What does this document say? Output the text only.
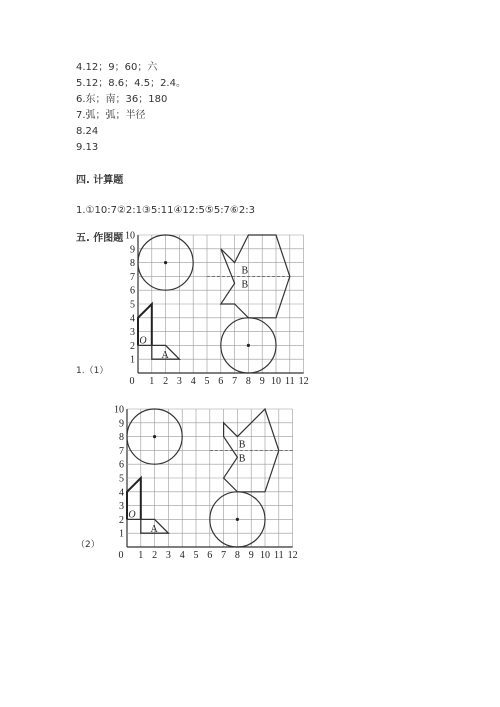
4.12；9；60；六
5.12；8.6；4.5；2.4。
6.东；南；36；180
7.弧；弧；半径
8.24
9.13
四. 计算题
1.①10:7②2:1③5:11④12:5⑤5:7⑥2:3
五. 作图题
1.（1）
0 1 2 3 4 5 6 7 8 9 10 11 12
1
2
3
4
5
6
7
8
9
10
O
A
B
B
（2）
0 1 2 3 4 5 6 7 8 9 10 11 12
1
2
3
4
5
6
7
8
9
10
O
A
B
B
